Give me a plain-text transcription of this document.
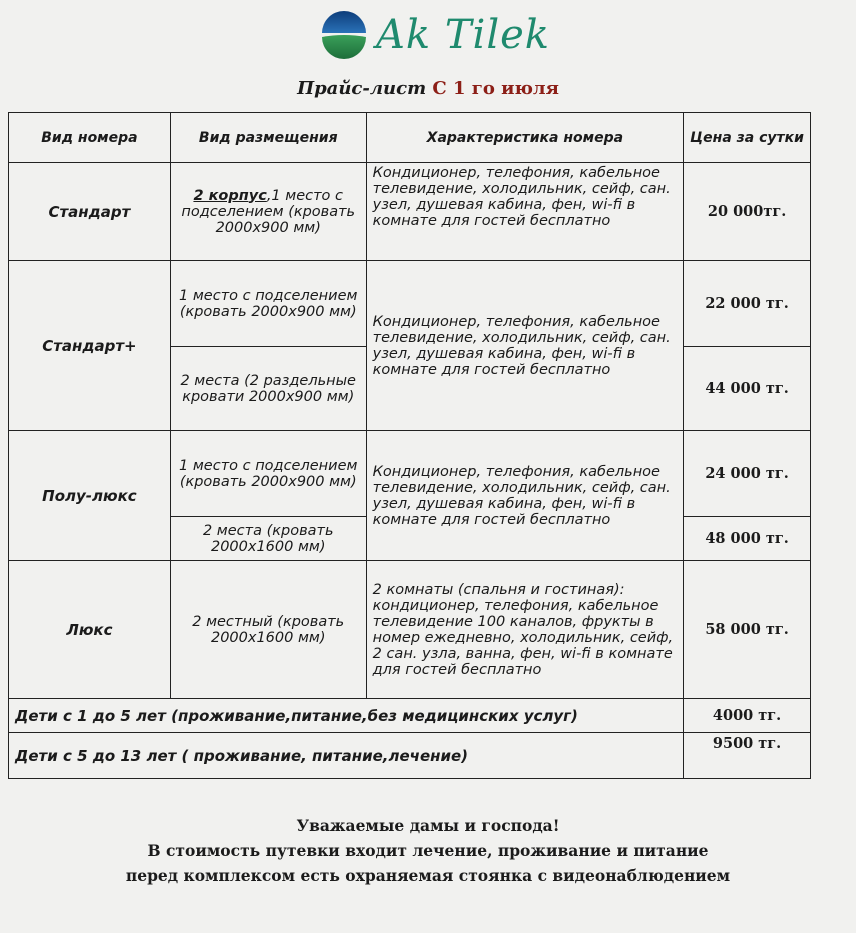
Ak Tilek
Прайс-лист С 1 го июля
Вид номера	Вид размещения	Характеристика номера	Цена за сутки
Стандарт	2 корпус,1 место с подселением (кровать 2000х900 мм)	Кондиционер, телефония, кабельное телевидение, холодильник, сейф, сан. узел, душевая кабина, фен, wi-fi в комнате для гостей бесплатно	20 000тг.
Стандарт+	1 место с подселением (кровать 2000х900 мм)	Кондиционер, телефония, кабельное телевидение, холодильник, сейф, сан. узел, душевая кабина, фен, wi-fi в комнате для гостей бесплатно	22 000 тг.
	2 места (2 раздельные кровати 2000х900 мм)		44 000 тг.
Полу-люкс	1 место с подселением (кровать 2000х900 мм)	Кондиционер, телефония, кабельное телевидение, холодильник, сейф, сан. узел, душевая кабина, фен, wi-fi в комнате для гостей бесплатно	24 000 тг.
	2 места (кровать 2000х1600 мм)		48 000 тг.
Люкс	2 местный (кровать 2000х1600 мм)	2 комнаты (спальня и гостиная): кондиционер, телефония, кабельное телевидение 100 каналов, фрукты в номер ежедневно, холодильник, сейф, 2 сан. узла, ванна, фен, wi-fi в комнате для гостей бесплатно	58 000 тг.
Дети с 1 до 5 лет (проживание,питание,без медицинских услуг)			4000 тг.
Дети с 5 до 13 лет ( проживание, питание,лечение)			9500 тг.
Уважаемые дамы и господа!
В стоимость путевки входит лечение, проживание и питание
перед комплексом есть охраняемая стоянка с видеонаблюдением
